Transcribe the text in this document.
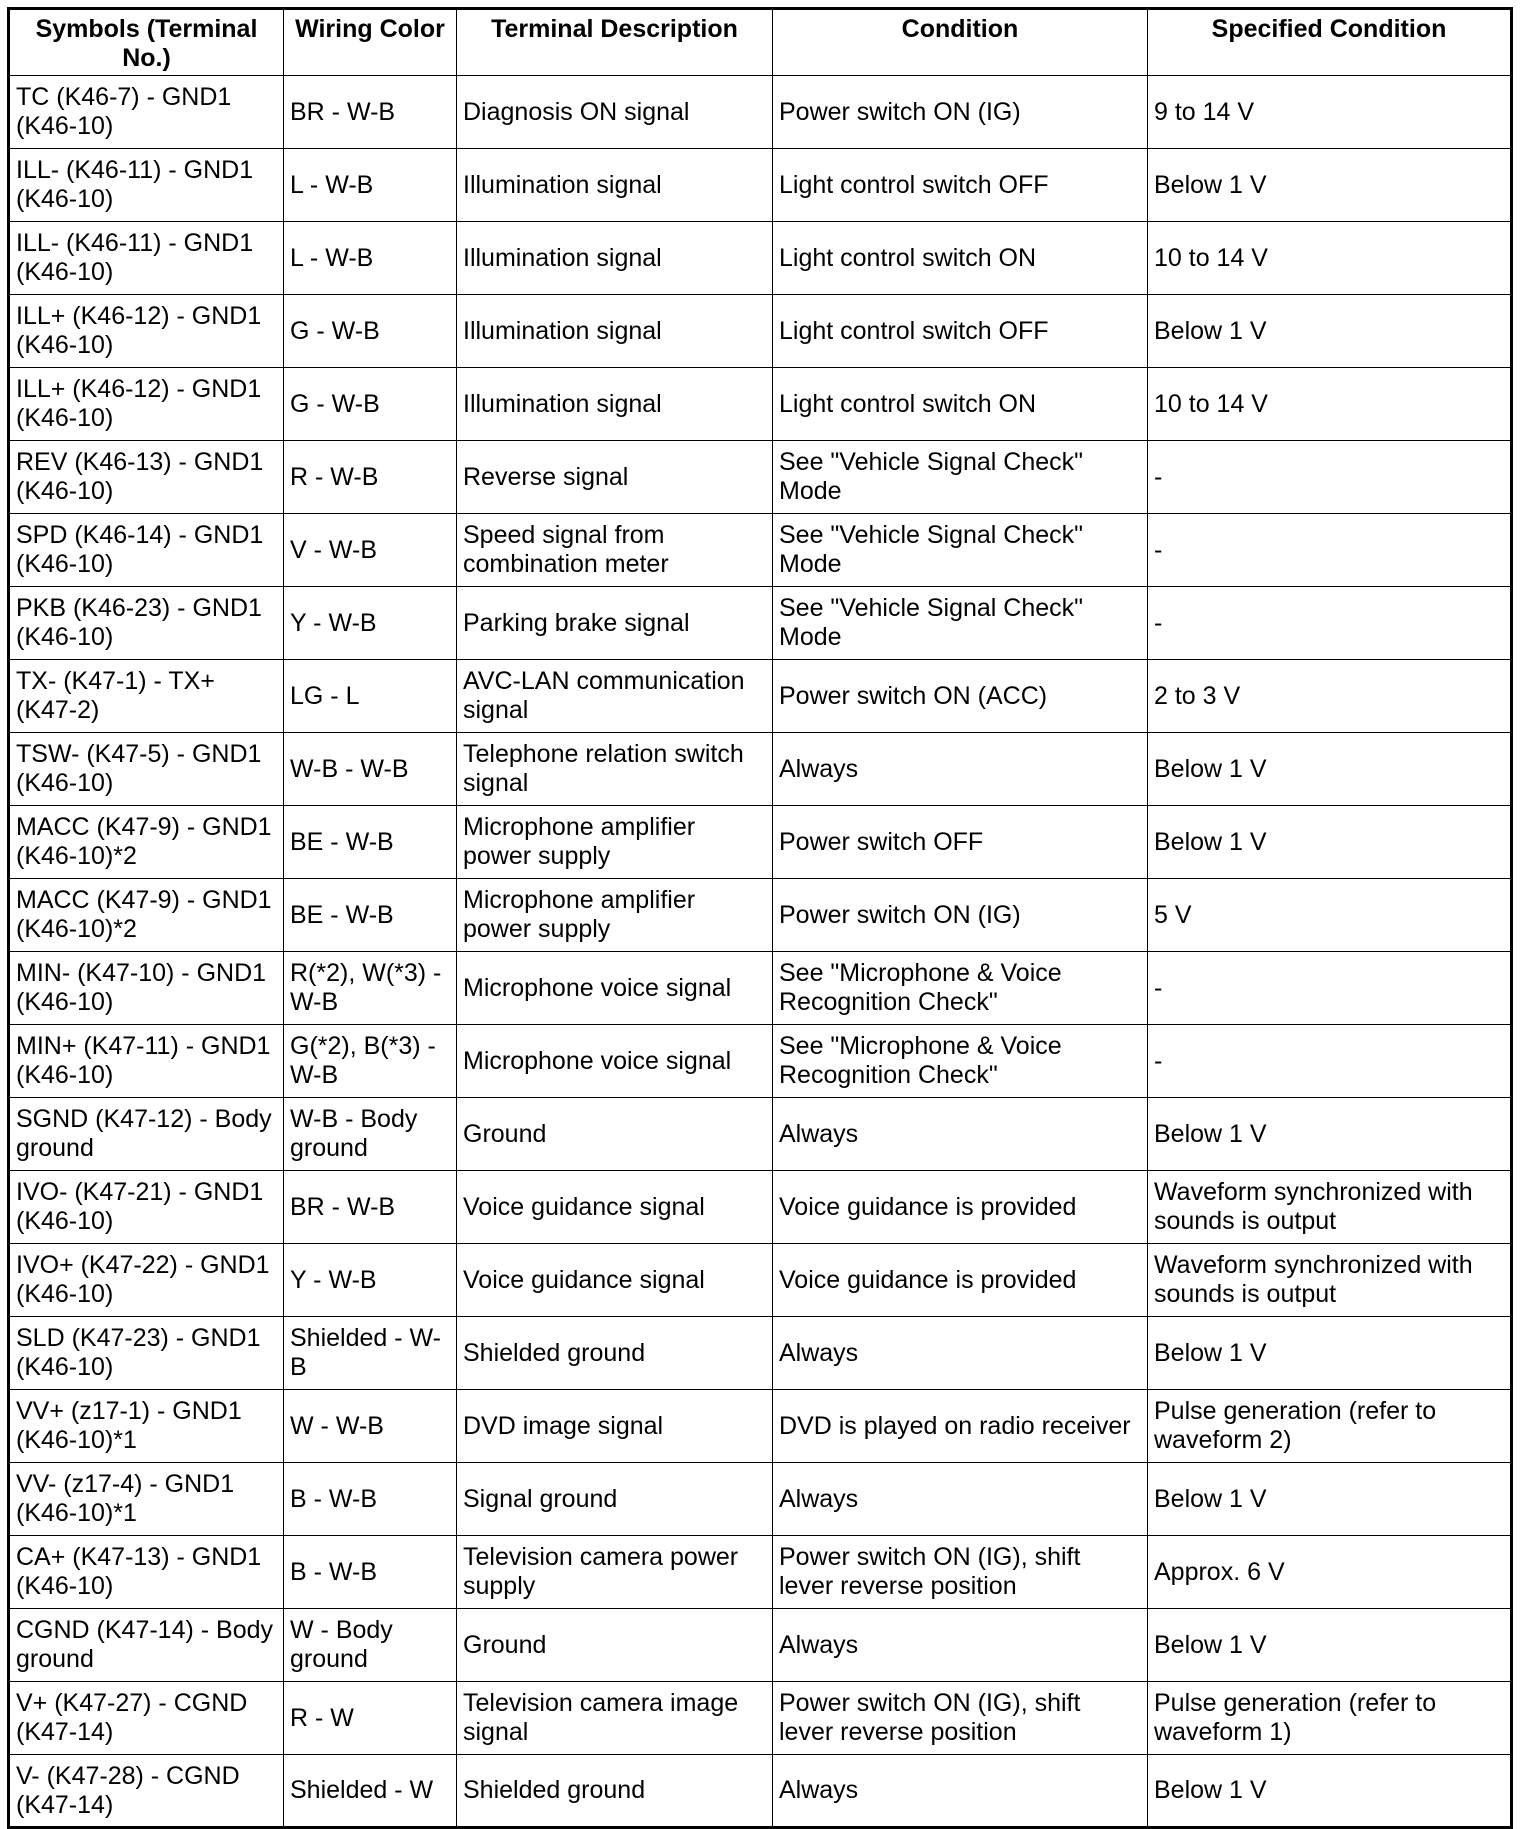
Symbols (Terminal No.)	Wiring Color	Terminal Description	Condition	Specified Condition
TC (K46-7) - GND1 (K46-10)	BR - W-B	Diagnosis ON signal	Power switch ON (IG)	9 to 14 V
ILL- (K46-11) - GND1 (K46-10)	L - W-B	Illumination signal	Light control switch OFF	Below 1 V
ILL- (K46-11) - GND1 (K46-10)	L - W-B	Illumination signal	Light control switch ON	10 to 14 V
ILL+ (K46-12) - GND1 (K46-10)	G - W-B	Illumination signal	Light control switch OFF	Below 1 V
ILL+ (K46-12) - GND1 (K46-10)	G - W-B	Illumination signal	Light control switch ON	10 to 14 V
REV (K46-13) - GND1 (K46-10)	R - W-B	Reverse signal	See "Vehicle Signal Check" Mode	-
SPD (K46-14) - GND1 (K46-10)	V - W-B	Speed signal from combination meter	See "Vehicle Signal Check" Mode	-
PKB (K46-23) - GND1 (K46-10)	Y - W-B	Parking brake signal	See "Vehicle Signal Check" Mode	-
TX- (K47-1) - TX+ (K47-2)	LG - L	AVC-LAN communication signal	Power switch ON (ACC)	2 to 3 V
TSW- (K47-5) - GND1 (K46-10)	W-B - W-B	Telephone relation switch signal	Always	Below 1 V
MACC (K47-9) - GND1 (K46-10)*2	BE - W-B	Microphone amplifier power supply	Power switch OFF	Below 1 V
MACC (K47-9) - GND1 (K46-10)*2	BE - W-B	Microphone amplifier power supply	Power switch ON (IG)	5 V
MIN- (K47-10) - GND1 (K46-10)	R(*2), W(*3) - W-B	Microphone voice signal	See "Microphone & Voice Recognition Check"	-
MIN+ (K47-11) - GND1 (K46-10)	G(*2), B(*3) - W-B	Microphone voice signal	See "Microphone & Voice Recognition Check"	-
SGND (K47-12) - Body ground	W-B - Body ground	Ground	Always	Below 1 V
IVO- (K47-21) - GND1 (K46-10)	BR - W-B	Voice guidance signal	Voice guidance is provided	Waveform synchronized with sounds is output
IVO+ (K47-22) - GND1 (K46-10)	Y - W-B	Voice guidance signal	Voice guidance is provided	Waveform synchronized with sounds is output
SLD (K47-23) - GND1 (K46-10)	Shielded - W-B	Shielded ground	Always	Below 1 V
VV+ (z17-1) - GND1 (K46-10)*1	W - W-B	DVD image signal	DVD is played on radio receiver	Pulse generation (refer to waveform 2)
VV- (z17-4) - GND1 (K46-10)*1	B - W-B	Signal ground	Always	Below 1 V
CA+ (K47-13) - GND1 (K46-10)	B - W-B	Television camera power supply	Power switch ON (IG), shift lever reverse position	Approx. 6 V
CGND (K47-14) - Body ground	W - Body ground	Ground	Always	Below 1 V
V+ (K47-27) - CGND (K47-14)	R - W	Television camera image signal	Power switch ON (IG), shift lever reverse position	Pulse generation (refer to waveform 1)
V- (K47-28) - CGND (K47-14)	Shielded - W	Shielded ground	Always	Below 1 V
